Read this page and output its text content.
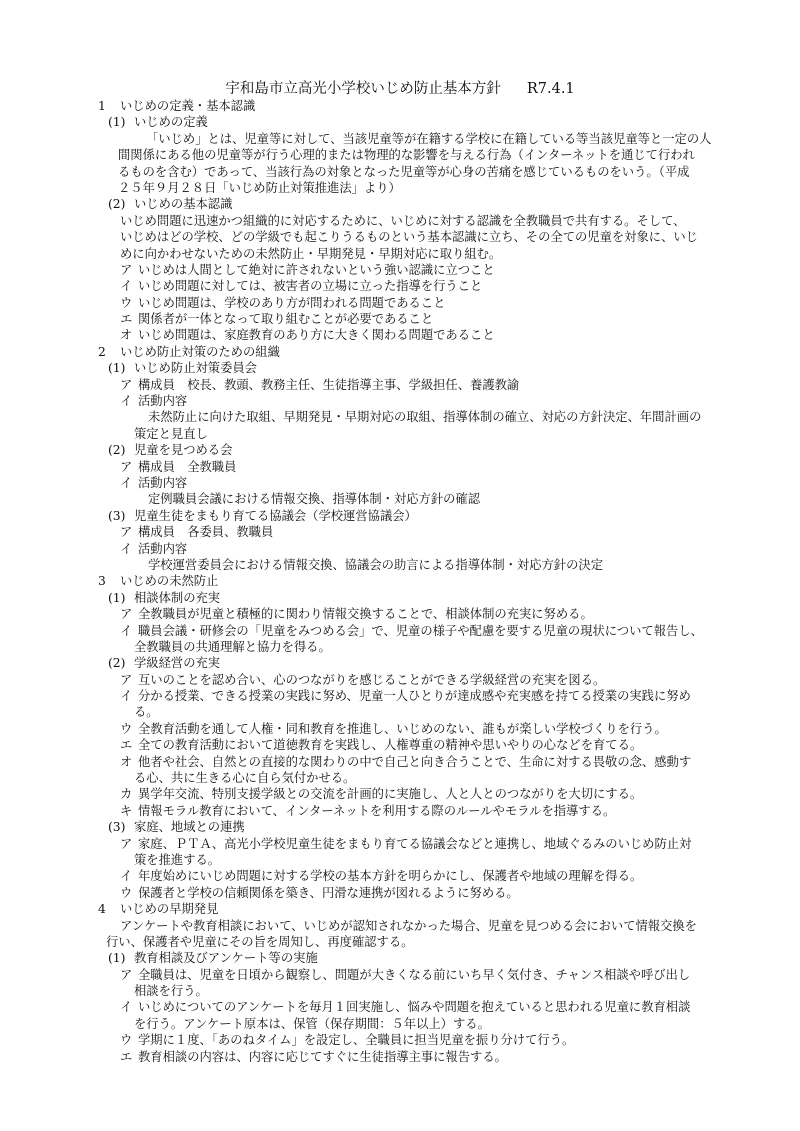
宇和島市立高光小学校いじめ防止基本方針 R7.4.1
1 いじめの定義・基本認識
(1) いじめの定義
「いじめ」とは、児童等に対して、当該児童等が在籍する学校に在籍している等当該児童等と一定の人
間関係にある他の児童等が行う心理的または物理的な影響を与える行為（インターネットを通じて行われ
るものを含む）であって、当該行為の対象となった児童等が心身の苦痛を感じているものをいう。（平成
２５年９月２８日「いじめ防止対策推進法」より）
(2) いじめの基本認識
いじめ問題に迅速かつ組織的に対応するために、いじめに対する認識を全教職員で共有する。そして、
いじめはどの学校、どの学級でも起こりうるものという基本認識に立ち、その全ての児童を対象に、いじ
めに向かわせないための未然防止・早期発見・早期対応に取り組む。
ア いじめは人間として絶対に許されないという強い認識に立つこと
イ いじめ問題に対しては、被害者の立場に立った指導を行うこと
ウ いじめ問題は、学校のあり方が問われる問題であること
エ 関係者が一体となって取り組むことが必要であること
オ いじめ問題は、家庭教育のあり方に大きく関わる問題であること
2 いじめ防止対策のための組織
(1) いじめ防止対策委員会
ア 構成員　校長、教頭、教務主任、生徒指導主事、学級担任、養護教諭
イ 活動内容
未然防止に向けた取組、早期発見・早期対応の取組、指導体制の確立、対応の方針決定、年間計画の
策定と見直し
(2) 児童を見つめる会
ア 構成員　全教職員
イ 活動内容
定例職員会議における情報交換、指導体制・対応方針の確認
(3) 児童生徒をまもり育てる協議会（学校運営協議会）
ア 構成員　各委員、教職員
イ 活動内容
学校運営委員会における情報交換、協議会の助言による指導体制・対応方針の決定
3 いじめの未然防止
(1) 相談体制の充実
ア 全教職員が児童と積極的に関わり情報交換することで、相談体制の充実に努める。
イ 職員会議・研修会の「児童をみつめる会」で、児童の様子や配慮を要する児童の現状について報告し、
全教職員の共通理解と協力を得る。
(2) 学級経営の充実
ア 互いのことを認め合い、心のつながりを感じることができる学級経営の充実を図る。
イ 分かる授業、できる授業の実践に努め、児童一人ひとりが達成感や充実感を持てる授業の実践に努め
る。
ウ 全教育活動を通して人権・同和教育を推進し、いじめのない、誰もが楽しい学校づくりを行う。
エ 全ての教育活動において道徳教育を実践し、人権尊重の精神や思いやりの心などを育てる。
オ 他者や社会、自然との直接的な関わりの中で自己と向き合うことで、生命に対する畏敬の念、感動す
る心、共に生きる心に自ら気付かせる。
カ 異学年交流、特別支援学級との交流を計画的に実施し、人と人とのつながりを大切にする。
キ 情報モラル教育において、インターネットを利用する際のルールやモラルを指導する。
(3) 家庭、地域との連携
ア 家庭、ＰＴＡ、高光小学校児童生徒をまもり育てる協議会などと連携し、地域ぐるみのいじめ防止対
策を推進する。
イ 年度始めにいじめ問題に対する学校の基本方針を明らかにし、保護者や地域の理解を得る。
ウ 保護者と学校の信頼関係を築き、円滑な連携が図れるように努める。
4 いじめの早期発見
アンケートや教育相談において、いじめが認知されなかった場合、児童を見つめる会において情報交換を
行い、保護者や児童にその旨を周知し、再度確認する。
(1) 教育相談及びアンケート等の実施
ア 全職員は、児童を日頃から観察し、問題が大きくなる前にいち早く気付き、チャンス相談や呼び出し
相談を行う。
イ いじめについてのアンケートを毎月１回実施し、悩みや問題を抱えていると思われる児童に教育相談
を行う。アンケート原本は、保管（保存期間：５年以上）する。
ウ 学期に１度、「あのねタイム」を設定し、全職員に担当児童を振り分けて行う。
エ 教育相談の内容は、内容に応じてすぐに生徒指導主事に報告する。
